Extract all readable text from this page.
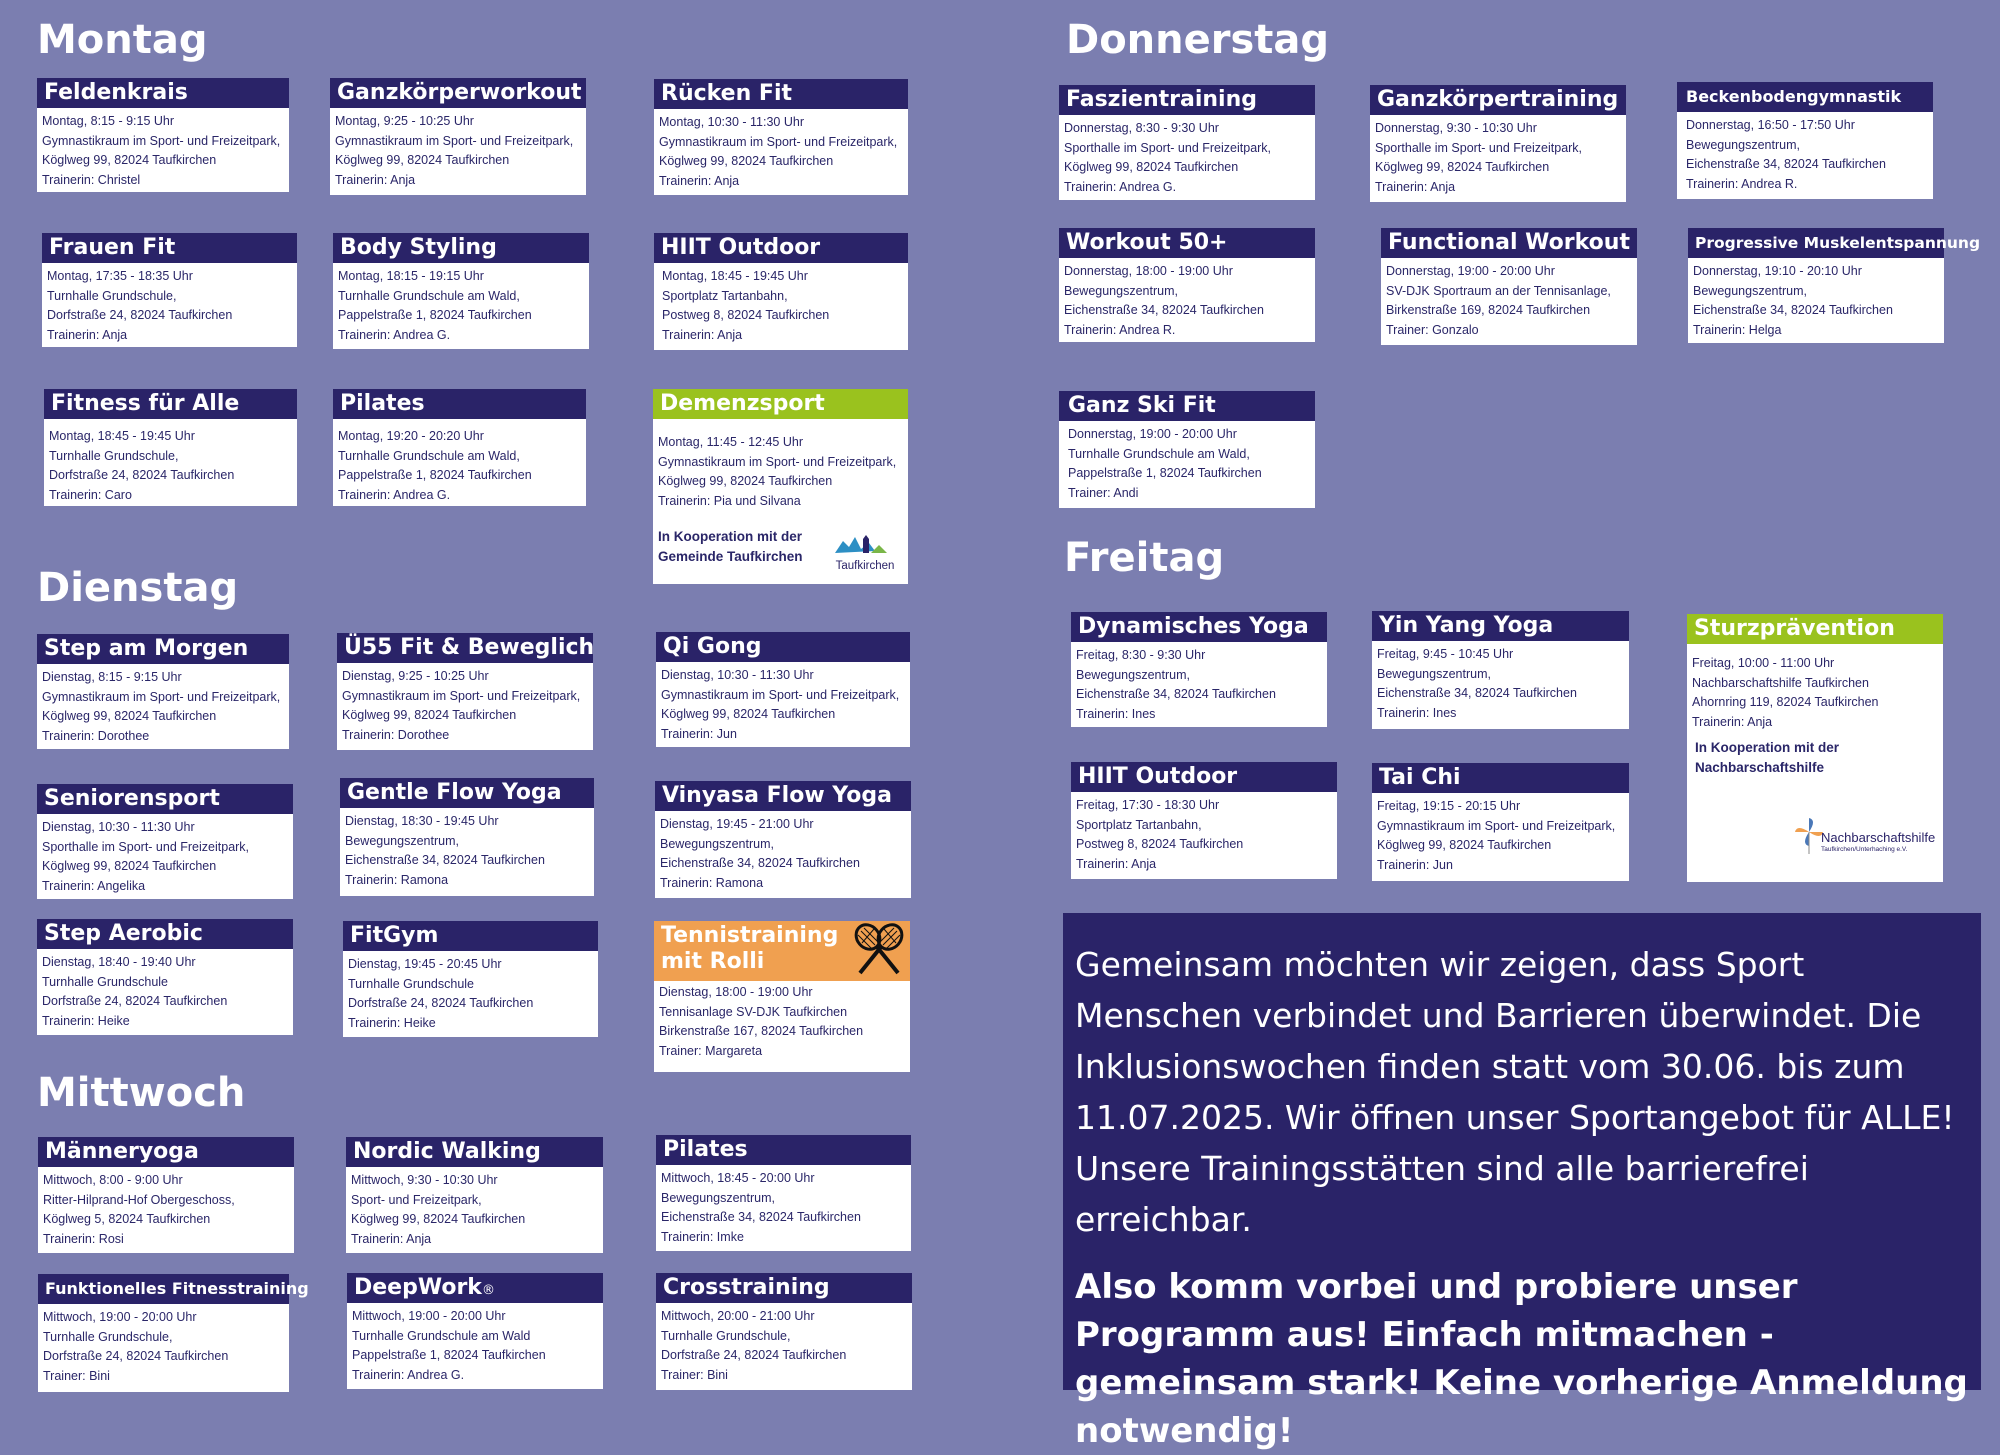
Montag
Dienstag
Mittwoch
Donnerstag
Freitag
Feldenkrais
Montag, 8:15 - 9:15 Uhr
Gymnastikraum im Sport- und Freizeitpark,
Köglweg 99, 82024 Taufkirchen
Trainerin: Christel
Ganzkörperworkout
Montag, 9:25 - 10:25 Uhr
Gymnastikraum im Sport- und Freizeitpark,
Köglweg 99, 82024 Taufkirchen
Trainerin: Anja
Rücken Fit
Montag, 10:30 - 11:30 Uhr
Gymnastikraum im Sport- und Freizeitpark,
Köglweg 99, 82024 Taufkirchen
Trainerin: Anja
Frauen Fit
Montag, 17:35 - 18:35 Uhr
Turnhalle Grundschule,
Dorfstraße 24, 82024 Taufkirchen
Trainerin: Anja
Body Styling
Montag, 18:15 - 19:15 Uhr
Turnhalle Grundschule am Wald,
Pappelstraße 1, 82024 Taufkirchen
Trainerin: Andrea G.
HIIT Outdoor
Montag, 18:45 - 19:45 Uhr
Sportplatz Tartanbahn,
Postweg 8, 82024 Taufkirchen
Trainerin: Anja
Fitness für Alle
Montag, 18:45 - 19:45 Uhr
Turnhalle Grundschule,
Dorfstraße 24, 82024 Taufkirchen
Trainerin: Caro
Pilates
Montag, 19:20 - 20:20 Uhr
Turnhalle Grundschule am Wald,
Pappelstraße 1, 82024 Taufkirchen
Trainerin: Andrea G.
Demenzsport
Montag, 11:45 - 12:45 Uhr
Gymnastikraum im Sport- und Freizeitpark,
Köglweg 99, 82024 Taufkirchen
Trainerin: Pia und Silvana
In Kooperation mit der
Gemeinde Taufkirchen
Taufkirchen
Step am Morgen
Dienstag, 8:15 - 9:15 Uhr
Gymnastikraum im Sport- und Freizeitpark,
Köglweg 99, 82024 Taufkirchen
Trainerin: Dorothee
Ü55 Fit & Beweglich
Dienstag, 9:25 - 10:25 Uhr
Gymnastikraum im Sport- und Freizeitpark,
Köglweg 99, 82024 Taufkirchen
Trainerin: Dorothee
Qi Gong
Dienstag, 10:30 - 11:30 Uhr
Gymnastikraum im Sport- und Freizeitpark,
Köglweg 99, 82024 Taufkirchen
Trainerin: Jun
Seniorensport
Dienstag, 10:30 - 11:30 Uhr
Sporthalle im Sport- und Freizeitpark,
Köglweg 99, 82024 Taufkirchen
Trainerin: Angelika
Gentle Flow Yoga
Dienstag, 18:30 - 19:45 Uhr
Bewegungszentrum,
Eichenstraße 34, 82024 Taufkirchen
Trainerin: Ramona
Vinyasa Flow Yoga
Dienstag, 19:45 - 21:00 Uhr
Bewegungszentrum,
Eichenstraße 34, 82024 Taufkirchen
Trainerin: Ramona
Step Aerobic
Dienstag, 18:40 - 19:40 Uhr
Turnhalle Grundschule
Dorfstraße 24, 82024 Taufkirchen
Trainerin: Heike
FitGym
Dienstag, 19:45 - 20:45 Uhr
Turnhalle Grundschule
Dorfstraße 24, 82024 Taufkirchen
Trainerin: Heike
Tennistraining
mit Rolli
Dienstag, 18:00 - 19:00 Uhr
Tennisanlage SV-DJK Taufkirchen
Birkenstraße 167, 82024 Taufkirchen
Trainer: Margareta
Männeryoga
Mittwoch, 8:00 - 9:00 Uhr
Ritter-Hilprand-Hof Obergeschoss,
Köglweg 5, 82024 Taufkirchen
Trainerin: Rosi
Nordic Walking
Mittwoch, 9:30 - 10:30 Uhr
Sport- und Freizeitpark,
Köglweg 99, 82024 Taufkirchen
Trainerin: Anja
Pilates
Mittwoch, 18:45 - 20:00 Uhr
Bewegungszentrum,
Eichenstraße 34, 82024 Taufkirchen
Trainerin: Imke
Funktionelles Fitnesstraining
Mittwoch, 19:00 - 20:00 Uhr
Turnhalle Grundschule,
Dorfstraße 24, 82024 Taufkirchen
Trainer: Bini
DeepWork®
Mittwoch, 19:00 - 20:00 Uhr
Turnhalle Grundschule am Wald
Pappelstraße 1, 82024 Taufkirchen
Trainerin: Andrea G.
Crosstraining
Mittwoch, 20:00 - 21:00 Uhr
Turnhalle Grundschule,
Dorfstraße 24, 82024 Taufkirchen
Trainer: Bini
Faszientraining
Donnerstag, 8:30 - 9:30 Uhr
Sporthalle im Sport- und Freizeitpark,
Köglweg 99, 82024 Taufkirchen
Trainerin: Andrea G.
Ganzkörpertraining
Donnerstag, 9:30 - 10:30 Uhr
Sporthalle im Sport- und Freizeitpark,
Köglweg 99, 82024 Taufkirchen
Trainerin: Anja
Beckenbodengymnastik
Donnerstag, 16:50 - 17:50 Uhr
Bewegungszentrum,
Eichenstraße 34, 82024 Taufkirchen
Trainerin: Andrea R.
Workout 50+
Donnerstag, 18:00 - 19:00 Uhr
Bewegungszentrum,
Eichenstraße 34, 82024 Taufkirchen
Trainerin: Andrea R.
Functional Workout
Donnerstag, 19:00 - 20:00 Uhr
SV-DJK Sportraum an der Tennisanlage,
Birkenstraße 169, 82024 Taufkirchen
Trainer: Gonzalo
Progressive Muskelentspannung
Donnerstag, 19:10 - 20:10 Uhr
Bewegungszentrum,
Eichenstraße 34, 82024 Taufkirchen
Trainerin: Helga
Ganz Ski Fit
Donnerstag, 19:00 - 20:00 Uhr
Turnhalle Grundschule am Wald,
Pappelstraße 1, 82024 Taufkirchen
Trainer: Andi
Dynamisches Yoga
Freitag, 8:30 - 9:30 Uhr
Bewegungszentrum,
Eichenstraße 34, 82024 Taufkirchen
Trainerin: Ines
Yin Yang Yoga
Freitag, 9:45 - 10:45 Uhr
Bewegungszentrum,
Eichenstraße 34, 82024 Taufkirchen
Trainerin: Ines
Sturzprävention
Freitag, 10:00 - 11:00 Uhr
Nachbarschaftshilfe Taufkirchen
Ahornring 119, 82024 Taufkirchen
Trainerin: Anja
In Kooperation mit der
Nachbarschaftshilfe
Nachbarschaftshilfe
Taufkirchen/Unterhaching e.V.
HIIT Outdoor
Freitag, 17:30 - 18:30 Uhr
Sportplatz Tartanbahn,
Postweg 8, 82024 Taufkirchen
Trainerin: Anja
Tai Chi
Freitag, 19:15 - 20:15 Uhr
Gymnastikraum im Sport- und Freizeitpark,
Köglweg 99, 82024 Taufkirchen
Trainerin: Jun

Gemeinsam möchten wir zeigen, dass Sport Menschen verbindet und Barrieren überwindet. Die Inklusionswochen finden statt vom 30.06. bis zum 11.07.2025. Wir öffnen unser Sportangebot für ALLE! Unsere Trainingsstätten sind alle barrierefrei erreichbar.

Also komm vorbei und probiere unser Programm aus! Einfach mitmachen - gemeinsam stark! Keine vorherige Anmeldung notwendig!
